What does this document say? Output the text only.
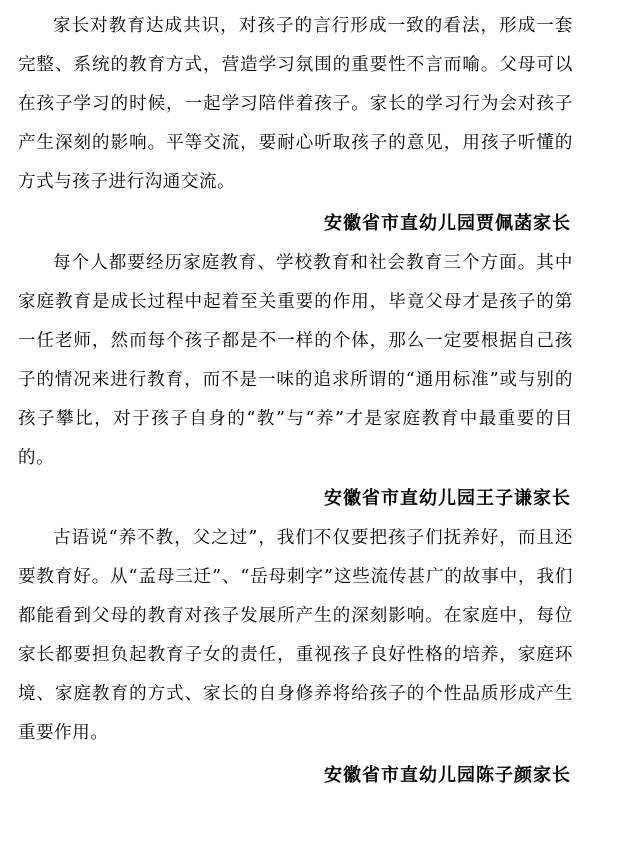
家长对教育达成共识，对孩子的言行形成一致的看法，形成一套完整、系统的教育方式，营造学习氛围的重要性不言而喻。父母可以在孩子学习的时候，一起学习陪伴着孩子。家长的学习行为会对孩子产生深刻的影响。平等交流，要耐心听取孩子的意见，用孩子听懂的方式与孩子进行沟通交流。

安徽省市直幼儿园贾佩菡家长

每个人都要经历家庭教育、学校教育和社会教育三个方面。其中家庭教育是成长过程中起着至关重要的作用，毕竟父母才是孩子的第一任老师，然而每个孩子都是不一样的个体，那么一定要根据自己孩子的情况来进行教育，而不是一味的追求所谓的“通用标准”或与别的孩子攀比，对于孩子自身的“教”与“养”才是家庭教育中最重要的目的。

安徽省市直幼儿园王子谦家长

古语说“养不教，父之过”，我们不仅要把孩子们抚养好，而且还要教育好。从“孟母三迁”、“岳母刺字”这些流传甚广的故事中，我们都能看到父母的教育对孩子发展所产生的深刻影响。在家庭中，每位家长都要担负起教育子女的责任，重视孩子良好性格的培养，家庭环境、家庭教育的方式、家长的自身修养将给孩子的个性品质形成产生重要作用。

安徽省市直幼儿园陈子颜家长
